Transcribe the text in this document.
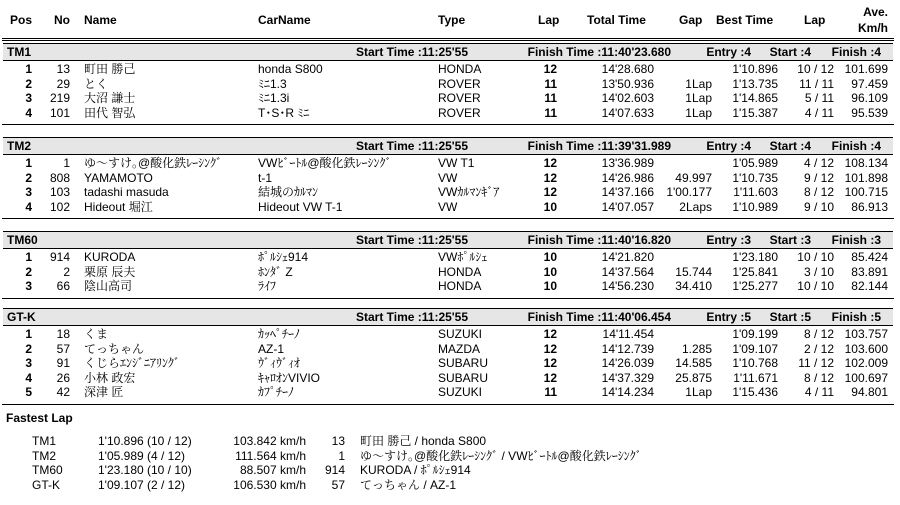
Pos No Name	CarName	Type	Lap Total Time	Gap Best Time	Lap
Ave.
Km/h
TM1	Start Time :11:25'55	Finish Time :11:40'23.680	Entry :4 Start :4 Finish :4
1 13 町田 勝己	honda S800	HONDA	12	14'28.680	1'10.896 10 / 12 101.699
2 29 とく	ﾐﾆ1.3	ROVER	11	13'50.936	1Lap 1'13.735 11 / 11 97.459
3 219 大沼 謙士	ﾐﾆ1.3i	ROVER	11	14'02.603	1Lap 1'14.865 5 / 11 96.109
4 101 田代 智弘	T･S･R ﾐﾆ	ROVER	11	14'07.633	1Lap 1'15.387 4 / 11 95.539
TM2	Start Time :11:25'55	Finish Time :11:39'31.989	Entry :4 Start :4 Finish :4
1	1 ゆ～すけ｡@酸化鉄ﾚｰｼﾝｸﾞ	VWﾋﾞｰﾄﾙ@酸化鉄ﾚｰｼﾝｸﾞ	VW T1	12	13'36.989	1'05.989 4 / 12 108.134
2 808 YAMAMOTO	t-1	VW	12	14'26.986 49.997 1'10.735 9 / 12 101.898
3 103 tadashi masuda	結城のｶﾙﾏﾝ	VWｶﾙﾏﾝｷﾞｱ	12	14'37.166 1'00.177 1'11.603 8 / 12 100.715
4 102 Hideout 堀江	Hideout VW T-1	VW	10	14'07.057 2Laps 1'10.989 9 / 10 86.913
TM60	Start Time :11:25'55	Finish Time :11:40'16.820	Entry :3 Start :3 Finish :3
1 914 KURODA	ﾎﾟﾙｼｪ914	VWﾎﾟﾙｼｪ	10	14'21.820	1'23.180 10 / 10 85.424
2	2 栗原 辰夫	ﾎﾝﾀﾞ Z	HONDA	10	14'37.564 15.744 1'25.841 3 / 10 83.891
3 66 陰山高司	ﾗｲﾌ	HONDA	10	14'56.230 34.410 1'25.277 10 / 10 82.144
GT-K	Start Time :11:25'55	Finish Time :11:40'06.454	Entry :5 Start :5 Finish :5
1 18 くま	ｶｯﾍﾟﾁｰﾉ	SUZUKI	12	14'11.454	1'09.199 8 / 12 103.757
2 57 てっちゃん	AZ-1	MAZDA	12	14'12.739 1.285 1'09.107 2 / 12 103.600
3 91 くじらｴﾝｼﾞﾆｱﾘﾝｸﾞ	ｳﾞｨｳﾞｨｵ	SUBARU	12	14'26.039 14.585 1'10.768 11 / 12 102.009
4 26 小林 政宏	ｷｬﾛｵﾝVIVIO	SUBARU	12	14'37.329 25.875 1'11.671 8 / 12 100.697
5 42 深津 匠	ｶﾌﾟﾁｰﾉ	SUZUKI	11	14'14.234	1Lap 1'15.436 4 / 11 94.801
Fastest Lap
TM1	1'10.896 (10 / 12)	103.842 km/h 13 町田 勝己 / honda S800
TM2	1'05.989 (4 / 12)	111.564 km/h	1 ゆ～すけ｡@酸化鉄ﾚｰｼﾝｸﾞ / VWﾋﾞｰﾄﾙ@酸化鉄ﾚｰｼﾝｸﾞ
TM60	1'23.180 (10 / 10)	88.507 km/h 914 KURODA / ﾎﾟﾙｼｪ914
GT-K	1'09.107 (2 / 12)	106.530 km/h 57 てっちゃん / AZ-1
